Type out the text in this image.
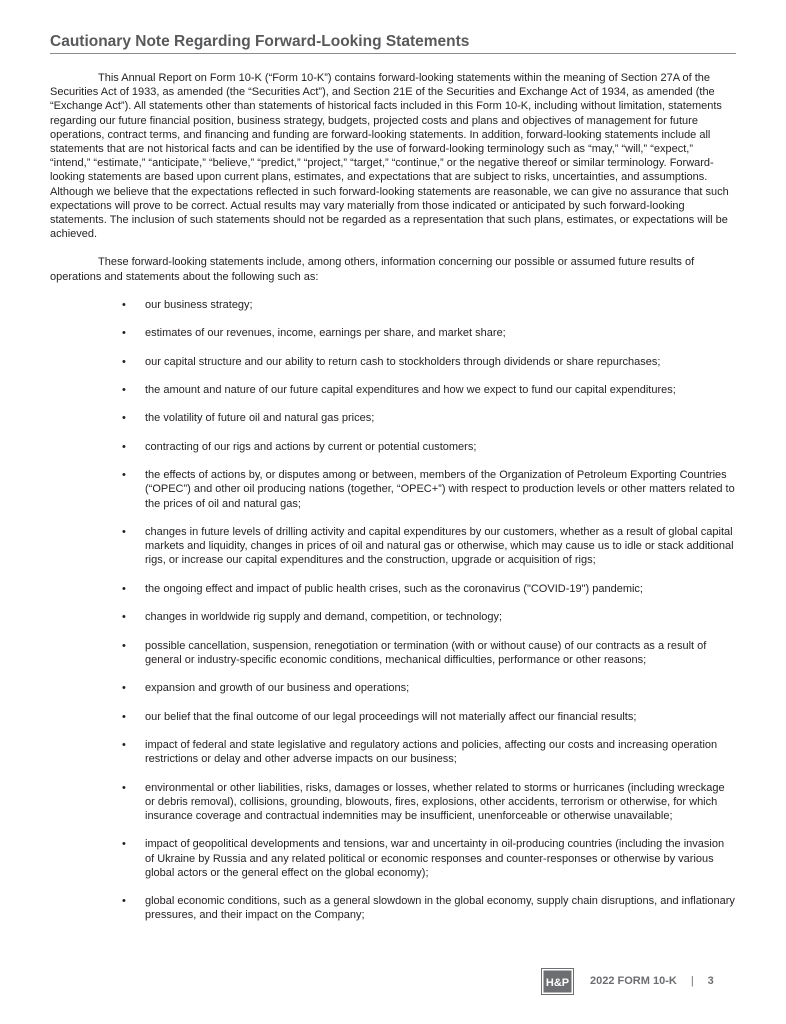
Cautionary Note Regarding Forward-Looking Statements

This Annual Report on Form 10-K (“Form 10-K”) contains forward-looking statements within the meaning of Section 27A of the Securities Act of 1933, as amended (the “Securities Act”), and Section 21E of the Securities and Exchange Act of 1934, as amended (the “Exchange Act”). All statements other than statements of historical facts included in this Form 10-K, including without limitation, statements regarding our future financial position, business strategy, budgets, projected costs and plans and objectives of management for future operations, contract terms, and financing and funding are forward-looking statements. In addition, forward-looking statements include all statements that are not historical facts and can be identified by the use of forward-looking terminology such as “may,” “will,” “expect,” “intend,” “estimate,” “anticipate,” “believe,” “predict,” “project,” “target,” “continue,” or the negative thereof or similar terminology. Forward-looking statements are based upon current plans, estimates, and expectations that are subject to risks, uncertainties, and assumptions. Although we believe that the expectations reflected in such forward-looking statements are reasonable, we can give no assurance that such expectations will prove to be correct. Actual results may vary materially from those indicated or anticipated by such forward-looking statements. The inclusion of such statements should not be regarded as a representation that such plans, estimates, or expectations will be achieved.

These forward-looking statements include, among others, information concerning our possible or assumed future results of operations and statements about the following such as:

• our business strategy;
• estimates of our revenues, income, earnings per share, and market share;
• our capital structure and our ability to return cash to stockholders through dividends or share repurchases;
• the amount and nature of our future capital expenditures and how we expect to fund our capital expenditures;
• the volatility of future oil and natural gas prices;
• contracting of our rigs and actions by current or potential customers;
• the effects of actions by, or disputes among or between, members of the Organization of Petroleum Exporting Countries (“OPEC”) and other oil producing nations (together, “OPEC+”) with respect to production levels or other matters related to the prices of oil and natural gas;
• changes in future levels of drilling activity and capital expenditures by our customers, whether as a result of global capital markets and liquidity, changes in prices of oil and natural gas or otherwise, which may cause us to idle or stack additional rigs, or increase our capital expenditures and the construction, upgrade or acquisition of rigs;
• the ongoing effect and impact of public health crises, such as the coronavirus ("COVID-19") pandemic;
• changes in worldwide rig supply and demand, competition, or technology;
• possible cancellation, suspension, renegotiation or termination (with or without cause) of our contracts as a result of general or industry-specific economic conditions, mechanical difficulties, performance or other reasons;
• expansion and growth of our business and operations;
• our belief that the final outcome of our legal proceedings will not materially affect our financial results;
• impact of federal and state legislative and regulatory actions and policies, affecting our costs and increasing operation restrictions or delay and other adverse impacts on our business;
• environmental or other liabilities, risks, damages or losses, whether related to storms or hurricanes (including wreckage or debris removal), collisions, grounding, blowouts, fires, explosions, other accidents, terrorism or otherwise, for which insurance coverage and contractual indemnities may be insufficient, unenforceable or otherwise unavailable;
• impact of geopolitical developments and tensions, war and uncertainty in oil-producing countries (including the invasion of Ukraine by Russia and any related political or economic responses and counter-responses or otherwise by various global actors or the general effect on the global economy);
• global economic conditions, such as a general slowdown in the global economy, supply chain disruptions, and inflationary pressures, and their impact on the Company;
H&P 2022 FORM 10-K | 3
